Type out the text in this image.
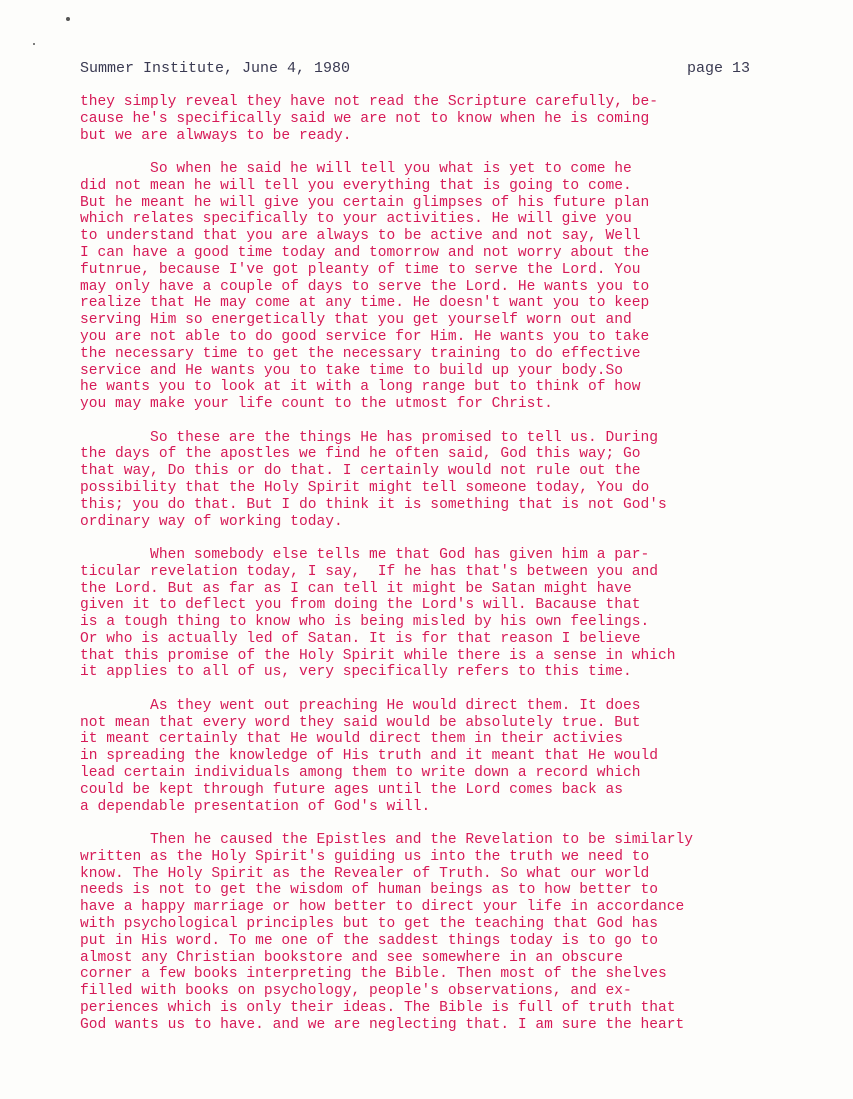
Summer Institute, June 4, 1980	page 13
they simply reveal they have not read the Scripture carefully, be-
cause he's specifically said we are not to know when he is coming
but we are alwways to be ready.
So when he said he will tell you what is yet to come he
did not mean he will tell you everything that is going to come.
But he meant he will give you certain glimpses of his future plan
which relates specifically to your activities. He will give you
to understand that you are always to be active and not say, Well
I can have a good time today and tomorrow and not worry about the
futnrue, because I've got pleanty of time to serve the Lord. You
may only have a couple of days to serve the Lord. He wants you to
realize that He may come at any time. He doesn't want you to keep
serving Him so energetically that you get yourself worn out and
you are not able to do good service for Him. He wants you to take
the necessary time to get the necessary training to do effective
service and He wants you to take time to build up your body.So
he wants you to look at it with a long range but to think of how
you may make your life count to the utmost for Christ.
So these are the things He has promised to tell us. During
the days of the apostles we find he often said, God this way; Go
that way, Do this or do that. I certainly would not rule out the
possibility that the Holy Spirit might tell someone today, You do
this; you do that. But I do think it is something that is not God's
ordinary way of working today.
When somebody else tells me that God has given him a par-
ticular revelation today, I say,  If he has that's between you and
the Lord. But as far as I can tell it might be Satan might have
given it to deflect you from doing the Lord's will. Bacause that
is a tough thing to know who is being misled by his own feelings.
Or who is actually led of Satan. It is for that reason I believe
that this promise of the Holy Spirit while there is a sense in which
it applies to all of us, very specifically refers to this time.
As they went out preaching He would direct them. It does
not mean that every word they said would be absolutely true. But
it meant certainly that He would direct them in their activies
in spreading the knowledge of His truth and it meant that He would
lead certain individuals among them to write down a record which
could be kept through future ages until the Lord comes back as
a dependable presentation of God's will.
Then he caused the Epistles and the Revelation to be similarly
written as the Holy Spirit's guiding us into the truth we need to
know. The Holy Spirit as the Revealer of Truth. So what our world
needs is not to get the wisdom of human beings as to how better to
have a happy marriage or how better to direct your life in accordance
with psychological principles but to get the teaching that God has
put in His word. To me one of the saddest things today is to go to
almost any Christian bookstore and see somewhere in an obscure
corner a few books interpreting the Bible. Then most of the shelves
filled with books on psychology, people's observations, and ex-
periences which is only their ideas. The Bible is full of truth that
God wants us to have. and we are neglecting that. I am sure the heart
